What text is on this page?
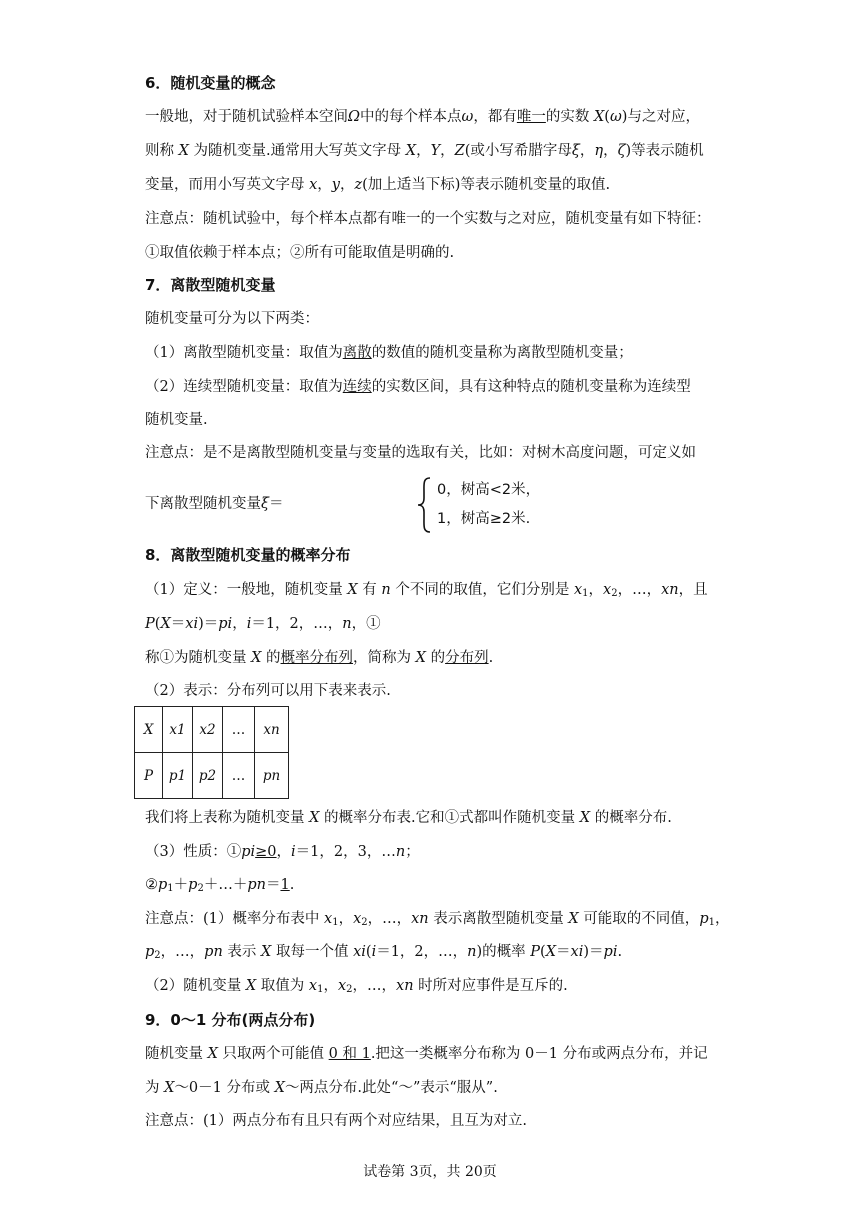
6．随机变量的概念
一般地，对于随机试验样本空间Ω中的每个样本点ω，都有唯一的实数 X(ω)与之对应，
则称 X 为随机变量.通常用大写英文字母 X，Y，Z(或小写希腊字母ξ，η，ζ)等表示随机
变量，而用小写英文字母 x，y，z(加上适当下标)等表示随机变量的取值.
注意点：随机试验中，每个样本点都有唯一的一个实数与之对应，随机变量有如下特征：
①取值依赖于样本点；②所有可能取值是明确的.
7．离散型随机变量
随机变量可分为以下两类：
（1）离散型随机变量：取值为离散的数值的随机变量称为离散型随机变量；
（2）连续型随机变量：取值为连续的实数区间，具有这种特点的随机变量称为连续型
随机变量.
注意点：是不是离散型随机变量与变量的选取有关，比如：对树木高度问题，可定义如
下离散型随机变量ξ＝
0，树高<2米，
1，树高≥2米.
8．离散型随机变量的概率分布
（1）定义：一般地，随机变量 X 有 n 个不同的取值，它们分别是 $x_1$，$x_2$，…，xn，且
P(X＝xi)＝pi，i＝1，2，…，n，①
称①为随机变量 X 的概率分布列，简称为 X 的分布列.
（2）表示：分布列可以用下表来表示.
X	x1	x2	…	xn
P	p1	p2	…	pn
我们将上表称为随机变量 X 的概率分布表.它和①式都叫作随机变量 X 的概率分布.
（3）性质：①pi≥0，i＝1，2，3，…n；
$②p_1+p_2+\dots+pn=1$.
注意点：(1）概率分布表中 $x_1$，$x_2$，…，xn 表示离散型随机变量 X 可能取的不同值，$p_1$，
$p_2$，…，pn 表示 X 取每一个值 xi(i＝1，2，…，n)的概率 P(X＝xi)＝pi.
（2）随机变量 X 取值为 $x_1$，$x_2$，…，xn 时所对应事件是互斥的.
9．0～1 分布(两点分布)
随机变量 X 只取两个可能值 0 和 1.把这一类概率分布称为 0－1 分布或两点分布，并记
为 X～0－1 分布或 X～两点分布.此处“～”表示“服从”.
注意点：(1）两点分布有且只有两个对应结果，且互为对立.
试卷第 3页，共 20页
